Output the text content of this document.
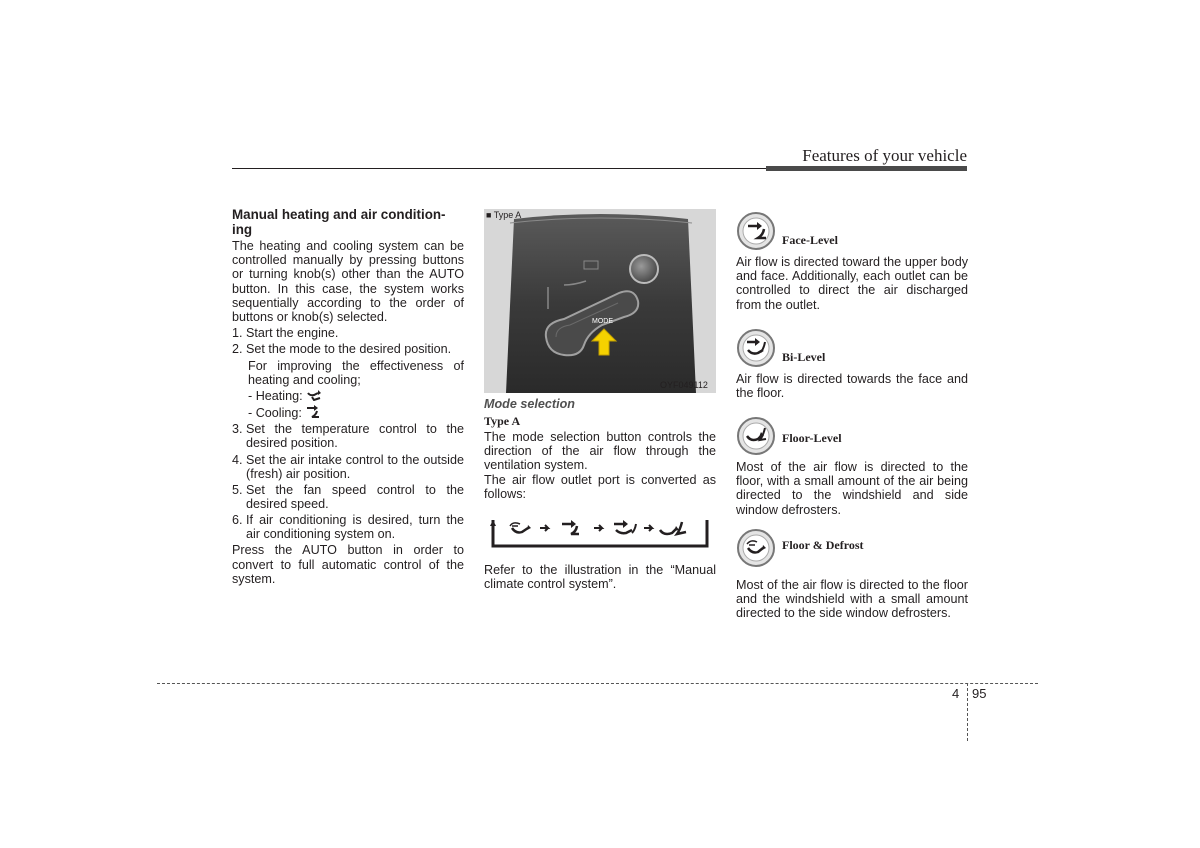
Features of your vehicle
Manual heating and air condition-
ing
The heating and cooling system can be controlled manually by pressing buttons or turning knob(s) other than the AUTO button. In this case, the system works sequentially according to the order of buttons or knob(s) selected.
1. Start the engine.
2. Set the mode to the desired position.
For improving the effectiveness of heating and cooling;
- Heating:
- Cooling:
3. Set the temperature control to the desired position.
4. Set the air intake control to the outside (fresh) air position.
5. Set the fan speed control to the desired speed.
6. If air conditioning is desired, turn the air conditioning system on.
Press the AUTO button in order to convert to full automatic control of the system.
MODE
■ Type A
OYF049112
Mode selection
Type A
The mode selection button controls the direction of the air flow through the ventilation system.
The air flow outlet port is converted as follows:
Refer to the illustration in the “Manual climate control system”.
Face-Level
Air flow is directed toward the upper body and face. Additionally, each outlet can be controlled to direct the air discharged from the outlet.
Bi-Level
Air flow is directed towards the face and the floor.
Floor-Level
Most of the air flow is directed to the floor, with a small amount of the air being directed to the windshield and side window defrosters.
Floor & Defrost
Most of the air flow is directed to the floor and the windshield with a small amount directed to the side window defrosters.
4 95
